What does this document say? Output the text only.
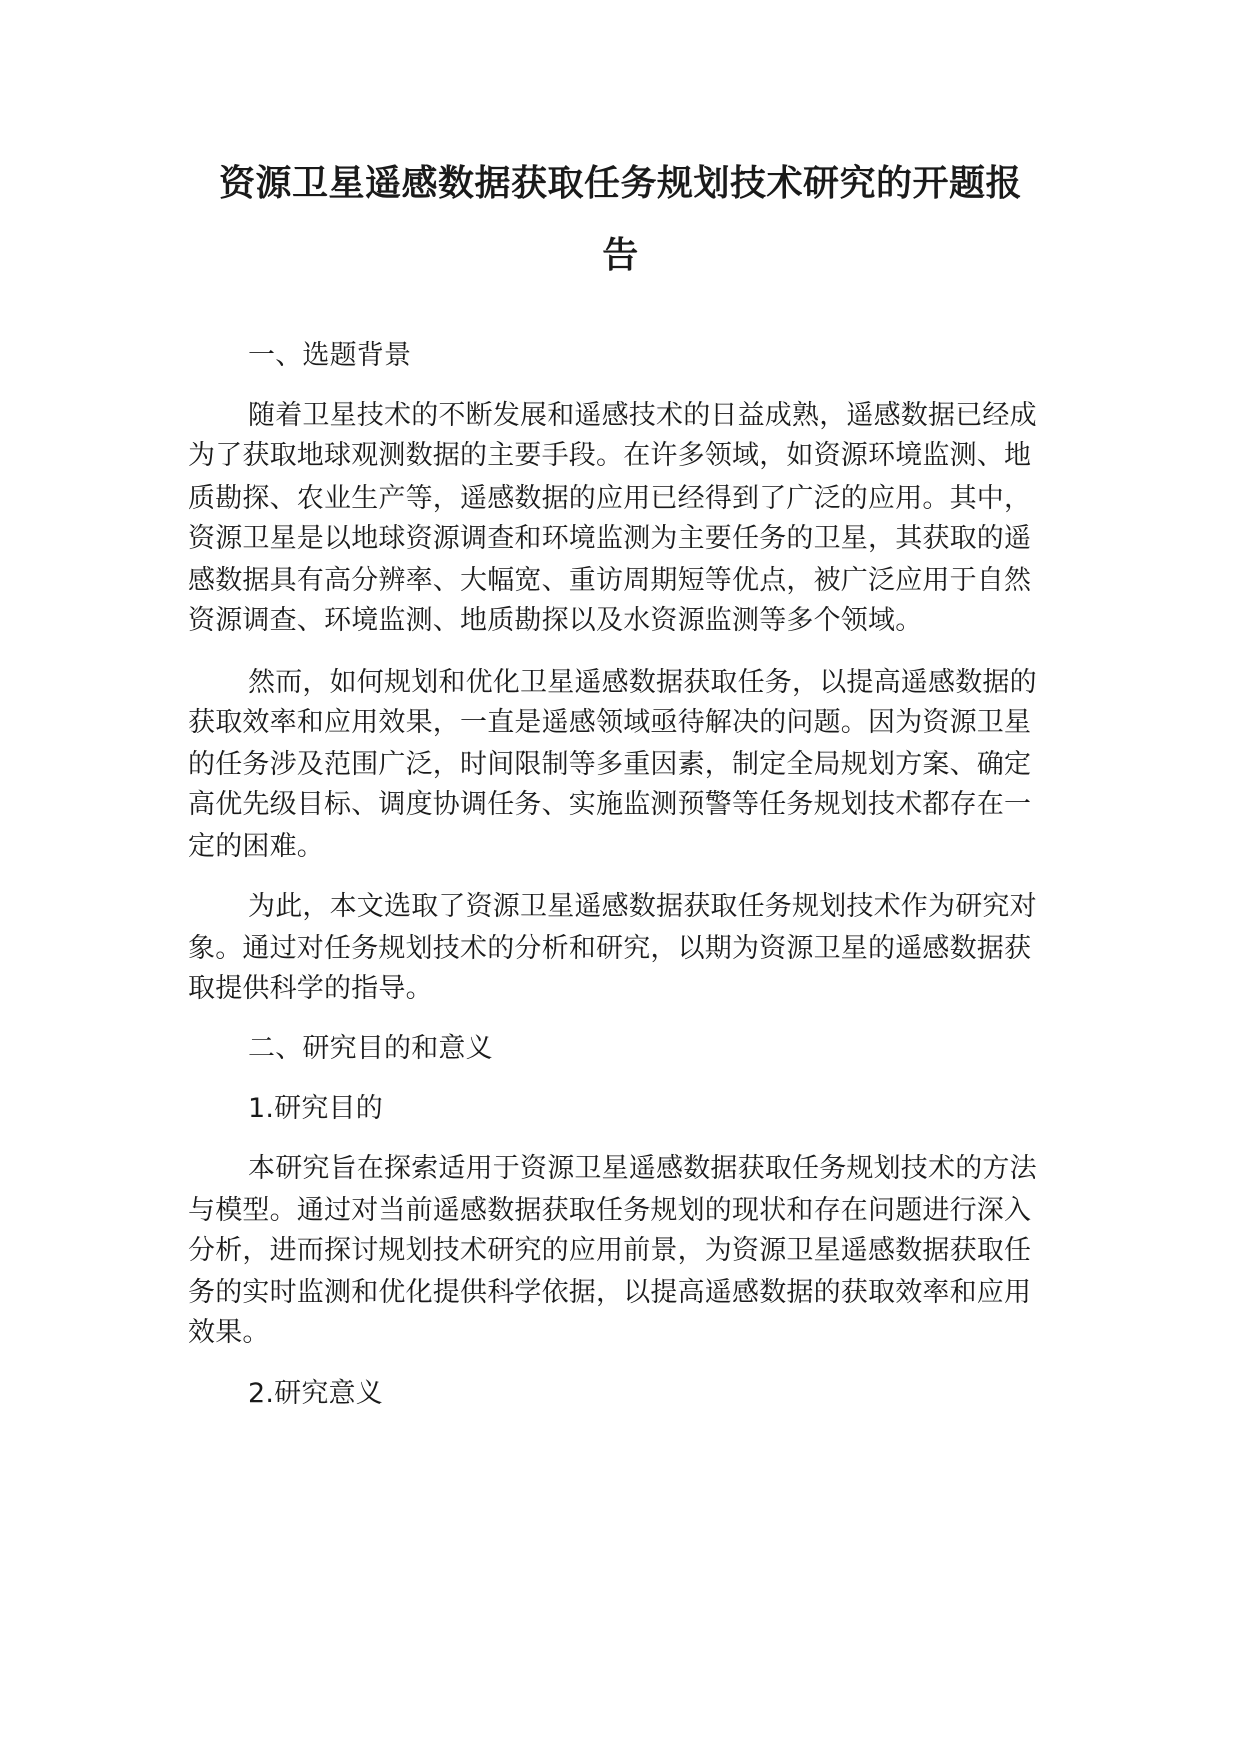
资源卫星遥感数据获取任务规划技术研究的开题报
告
一、选题背景
随着卫星技术的不断发展和遥感技术的日益成熟，遥感数据已经成
为了获取地球观测数据的主要手段。在许多领域，如资源环境监测、地
质勘探、农业生产等，遥感数据的应用已经得到了广泛的应用。其中，
资源卫星是以地球资源调查和环境监测为主要任务的卫星，其获取的遥
感数据具有高分辨率、大幅宽、重访周期短等优点，被广泛应用于自然
资源调查、环境监测、地质勘探以及水资源监测等多个领域。
然而，如何规划和优化卫星遥感数据获取任务，以提高遥感数据的
获取效率和应用效果，一直是遥感领域亟待解决的问题。因为资源卫星
的任务涉及范围广泛，时间限制等多重因素，制定全局规划方案、确定
高优先级目标、调度协调任务、实施监测预警等任务规划技术都存在一
定的困难。
为此，本文选取了资源卫星遥感数据获取任务规划技术作为研究对
象。通过对任务规划技术的分析和研究，以期为资源卫星的遥感数据获
取提供科学的指导。
二、研究目的和意义
1.研究目的
本研究旨在探索适用于资源卫星遥感数据获取任务规划技术的方法
与模型。通过对当前遥感数据获取任务规划的现状和存在问题进行深入
分析，进而探讨规划技术研究的应用前景，为资源卫星遥感数据获取任
务的实时监测和优化提供科学依据，以提高遥感数据的获取效率和应用
效果。
2.研究意义
